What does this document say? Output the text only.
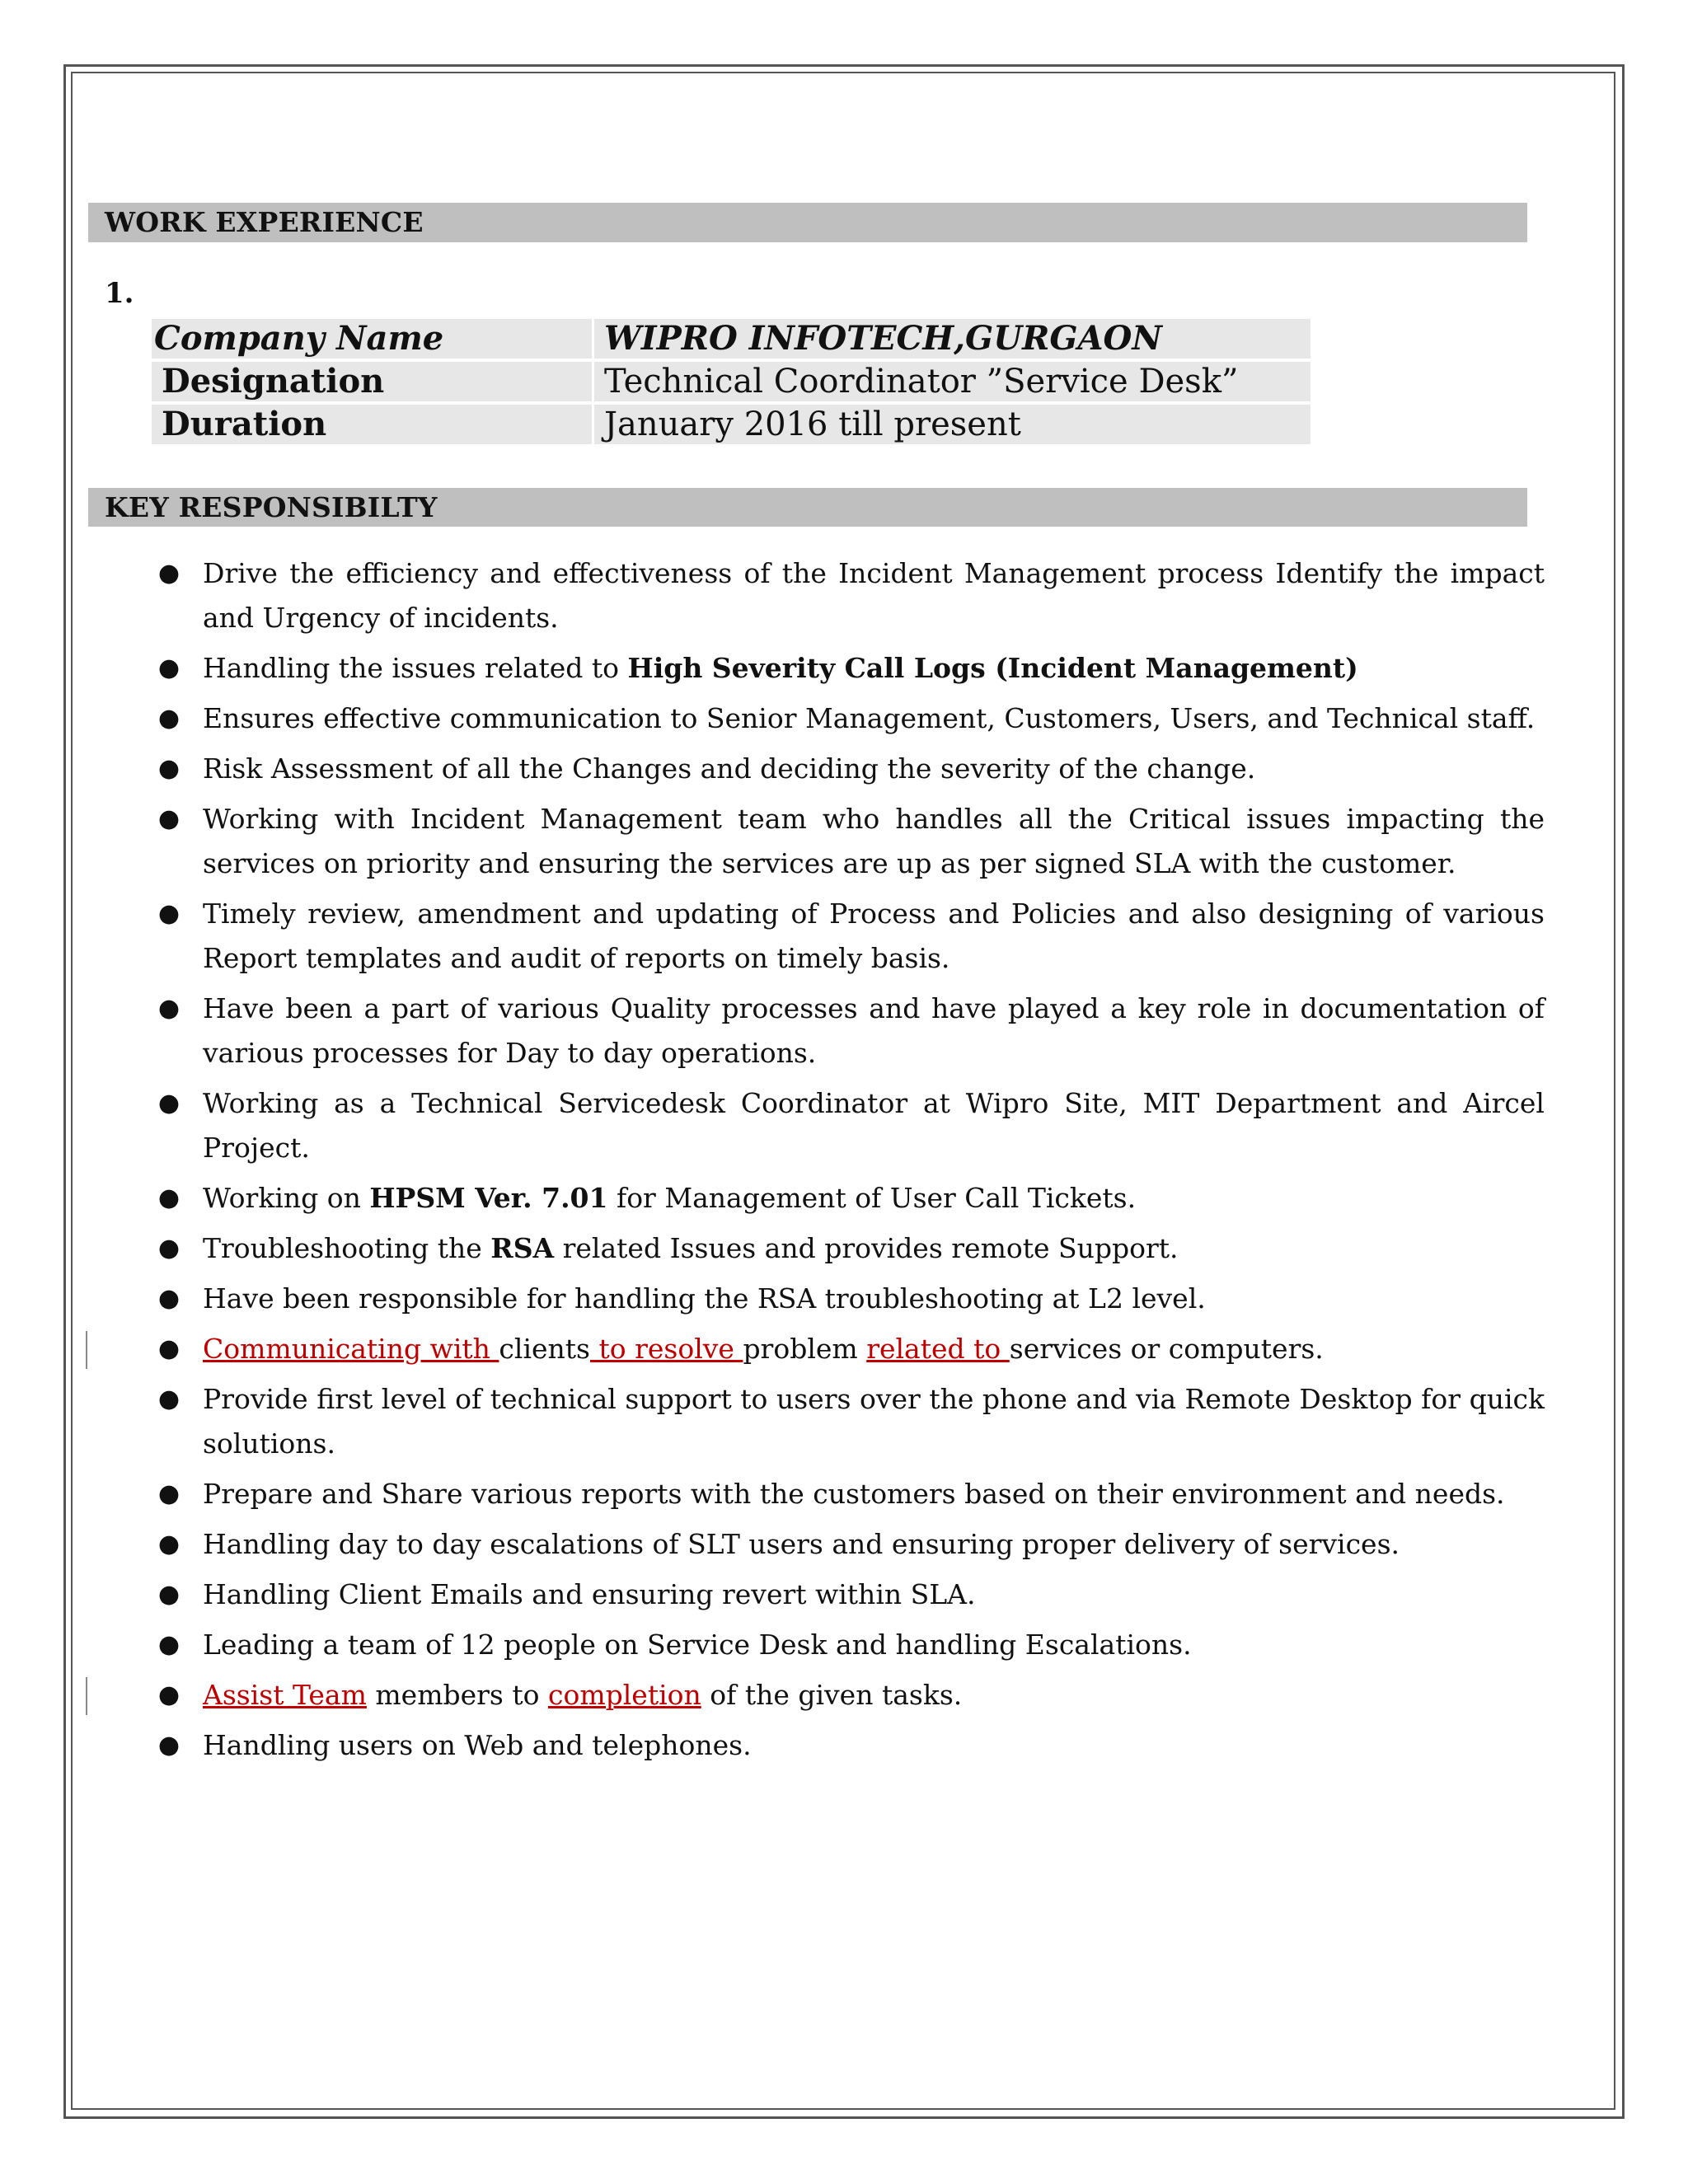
WORK EXPERIENCE
1.
Company Name	WIPRO INFOTECH,GURGAON
Designation	Technical Coordinator ”Service Desk”
Duration	January 2016 till present
KEY RESPONSIBILTY
● Drive the efficiency and effectiveness of the Incident Management process Identify the impact and Urgency of incidents.
● Handling the issues related to High Severity Call Logs (Incident Management)
● Ensures effective communication to Senior Management, Customers, Users, and Technical staff.
● Risk Assessment of all the Changes and deciding the severity of the change.
● Working with Incident Management team who handles all the Critical issues impacting the services on priority and ensuring the services are up as per signed SLA with the customer.
● Timely review, amendment and updating of Process and Policies and also designing of various Report templates and audit of reports on timely basis.
● Have been a part of various Quality processes and have played a key role in documentation of various processes for Day to day operations.
● Working as a Technical Servicedesk Coordinator at Wipro Site, MIT Department and Aircel Project.
● Working on HPSM Ver. 7.01 for Management of User Call Tickets.
● Troubleshooting the RSA related Issues and provides remote Support.
● Have been responsible for handling the RSA troubleshooting at L2 level.
● Communicating with clients to resolve problem related to services or computers.
● Provide first level of technical support to users over the phone and via Remote Desktop for quick solutions.
● Prepare and Share various reports with the customers based on their environment and needs.
● Handling day to day escalations of SLT users and ensuring proper delivery of services.
● Handling Client Emails and ensuring revert within SLA.
● Leading a team of 12 people on Service Desk and handling Escalations.
● Assist Team members to completion of the given tasks.
● Handling users on Web and telephones.
